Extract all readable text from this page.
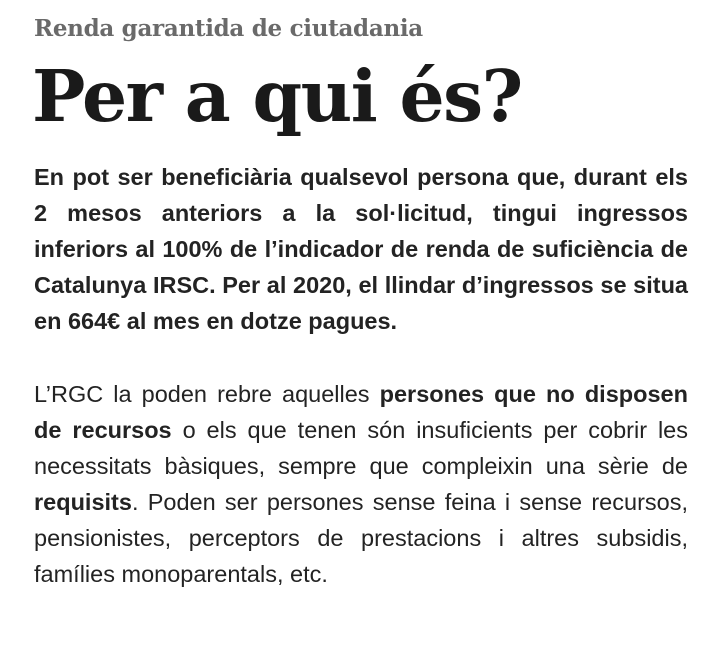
Renda garantida de ciutadania

Per a qui és?

En pot ser beneficiària qualsevol persona que, durant els 2 mesos anteriors a la sol·licitud, tingui ingressos inferiors al 100% de l’indicador de renda de suficiència de Catalunya IRSC. Per al 2020, el llindar d’ingressos se situa en 664€ al mes en dotze pagues.

L’RGC la poden rebre aquelles persones que no disposen de recursos o els que tenen són insuficients per cobrir les necessitats bàsiques, sempre que compleixin una sèrie de requisits. Poden ser persones sense feina i sense recursos, pensionistes, perceptors de prestacions i altres subsidis, famílies monoparentals, etc.
